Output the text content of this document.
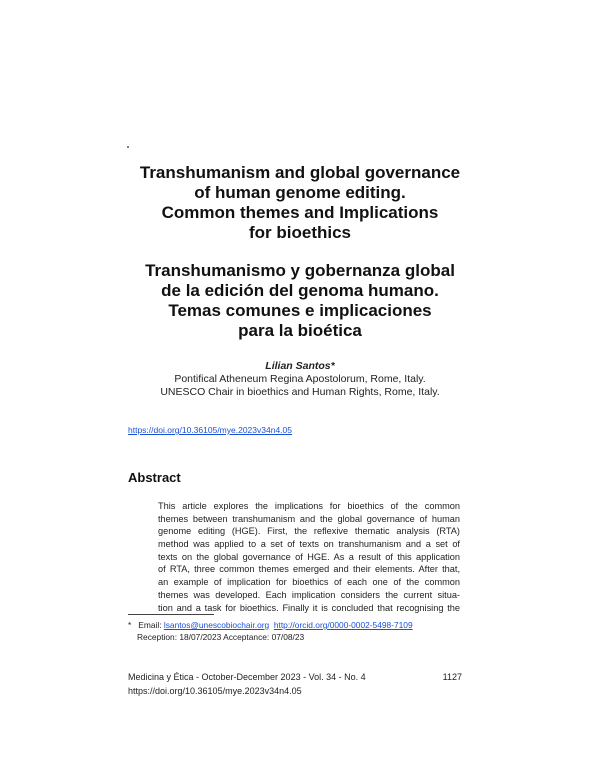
Transhumanism and global governance
of human genome editing.
Common themes and Implications
for bioethics
Transhumanismo y gobernanza global
de la edición del genoma humano.
Temas comunes e implicaciones
para la bioética
Lilian Santos*
Pontifical Atheneum Regina Apostolorum, Rome, Italy.
UNESCO Chair in bioethics and Human Rights, Rome, Italy.
https://doi.org/10.36105/mye.2023v34n4.05
Abstract
This article explores the implications for bioethics of the common
themes between transhumanism and the global governance of human
genome editing (HGE). First, the reflexive thematic analysis (RTA)
method was applied to a set of texts on transhumanism and a set of
texts on the global governance of HGE. As a result of this application
of RTA, three common themes emerged and their elements. After that,
an example of implication for bioethics of each one of the common
themes was developed. Each implication considers the current situa-
tion and a task for bioethics. Finally it is concluded that recognising the
* Email: lsantos@unescobiochair.org http://orcid.org/0000-0002-5498-7109
Reception: 18/07/2023 Acceptance: 07/08/23
Medicina y Ética - October-December 2023 - Vol. 34 - No. 4	1127
https://doi.org/10.36105/mye.2023v34n4.05
